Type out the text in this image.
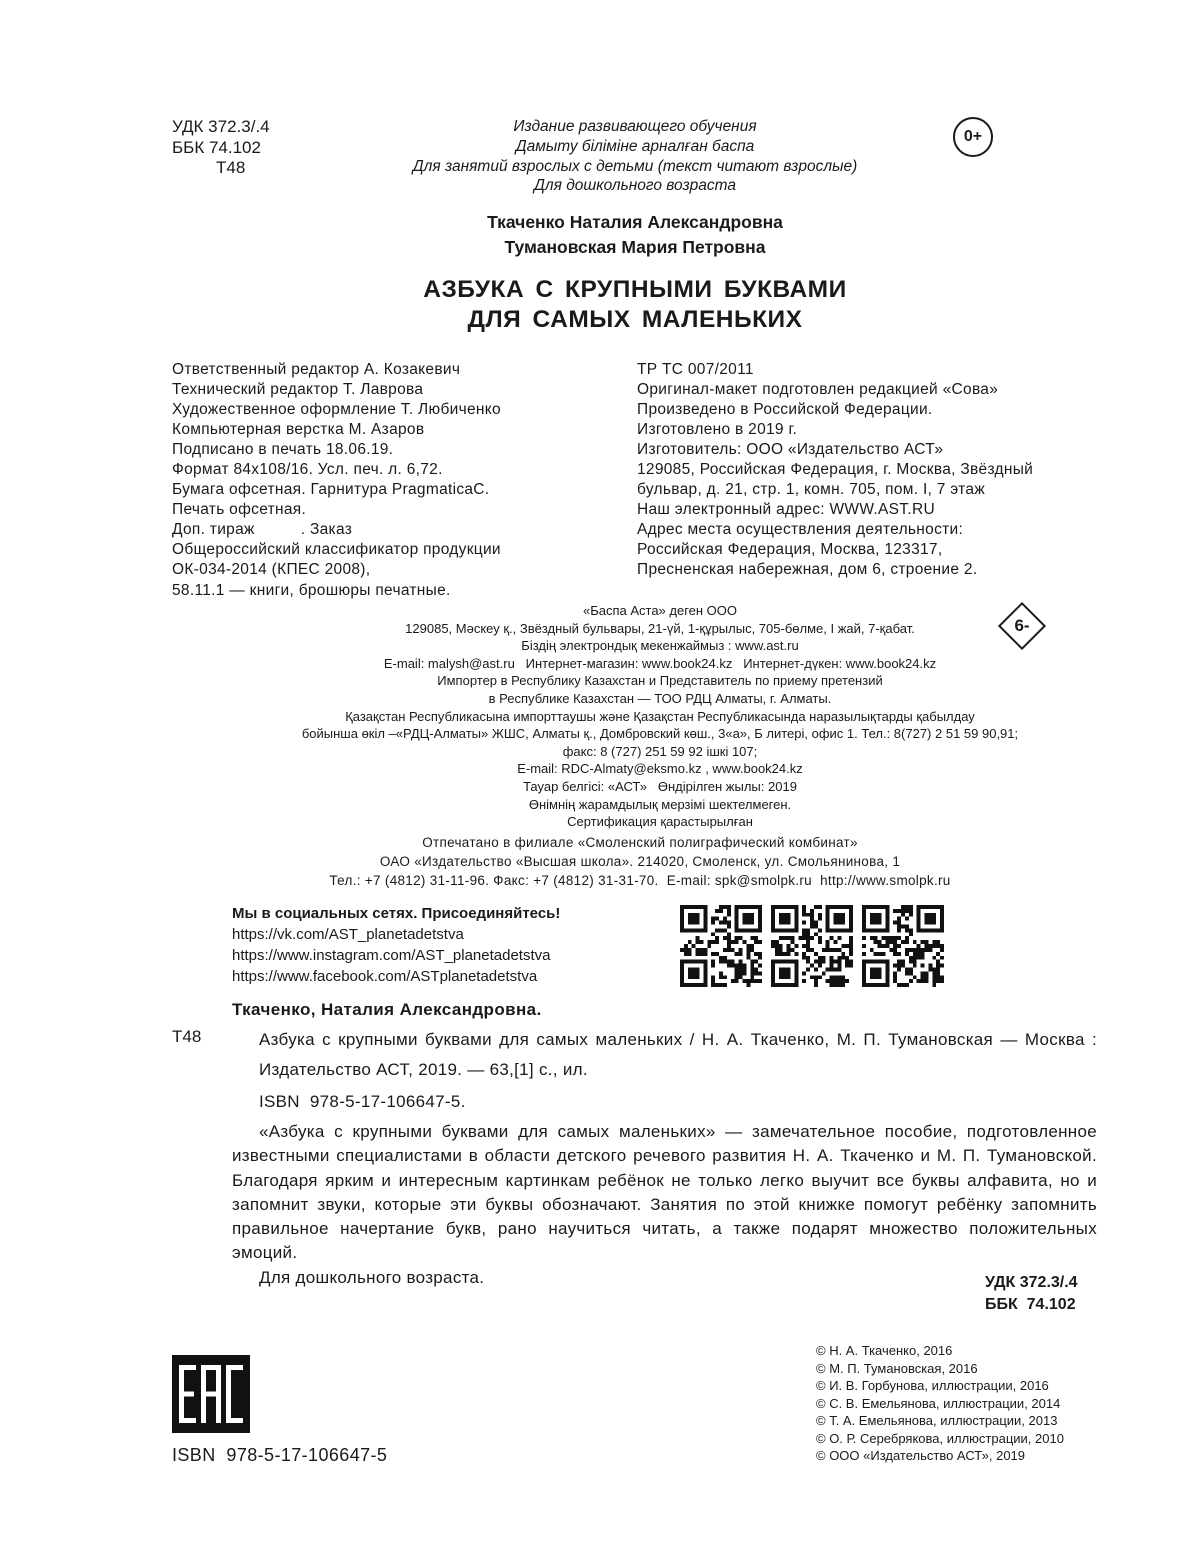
УДК 372.3/.4
ББК 74.102
Т48
Издание развивающего обучения
Дамыту біліміне арналған баспа
Для занятий взрослых с детьми (текст читают взрослые)
Для дошкольного возраста
0+
Ткаченко Наталия Александровна
Тумановская Мария Петровна
АЗБУКА С КРУПНЫМИ БУКВАМИ
ДЛЯ САМЫХ МАЛЕНЬКИХ
Ответственный редактор А. Козакевич
Технический редактор Т. Лаврова
Художественное оформление Т. Любиченко
Компьютерная верстка М. Азаров
Подписано в печать 18.06.19.
Формат 84x108/16. Усл. печ. л. 6,72.
Бумага офсетная. Гарнитура PragmaticaC.
Печать офсетная.
Доп. тираж          . Заказ
Общероссийский классификатор продукции
ОК-034-2014 (КПЕС 2008),
58.11.1 — книги, брошюры печатные.
ТР ТС 007/2011
Оригинал-макет подготовлен редакцией «Сова»
Произведено в Российской Федерации.
Изготовлено в 2019 г.
Изготовитель: ООО «Издательство АСТ»
129085, Российская Федерация, г. Москва, Звёздный
бульвар, д. 21, стр. 1, комн. 705, пом. I, 7 этаж
Наш электронный адрес: WWW.AST.RU
Адрес места осуществления деятельности:
Российская Федерация, Москва, 123317,
Пресненская набережная, дом 6, строение 2.
«Баспа Аста» деген ООО
129085, Мәскеу қ., Звёздный бульвары, 21-үй, 1-құрылыс, 705-бөлме, I жай, 7-қабат.
Біздің электрондық мекенжаймыз : www.ast.ru
E-mail: malysh@ast.ru   Интернет-магазин: www.book24.kz   Интернет-дүкен: www.book24.kz
Импортер в Республику Казахстан и Представитель по приему претензий
в Республике Казахстан — ТОО РДЦ Алматы, г. Алматы.
Қазақстан Республикасына импорттаушы және Қазақстан Республикасында наразылықтарды қабылдау
бойынша өкіл –«РДЦ-Алматы» ЖШС, Алматы қ., Домбровский көш., 3«а», Б литері, офис 1. Тел.: 8(727) 2 51 59 90,91;
факс: 8 (727) 251 59 92 ішкі 107;
E-mail: RDC-Almaty@eksmo.kz , www.book24.kz
Тауар белгісі: «АСТ»   Өндірілген жылы: 2019
Өнімнің жарамдылық мерзімі шектелмеген.
Сертификация қарастырылған
6-
Отпечатано в филиале «Смоленский полиграфический комбинат»
ОАО «Издательство «Высшая школа». 214020, Смоленск, ул. Смольянинова, 1
Тел.: +7 (4812) 31-11-96. Факс: +7 (4812) 31-31-70.  E-mail: spk@smolpk.ru  http://www.smolpk.ru
Мы в социальных сетях. Присоединяйтесь!
https://vk.com/AST_planetadetstva
https://www.instagram.com/AST_planetadetstva
https://www.facebook.com/ASTplanetadetstva
Ткаченко, Наталия Александровна.
Т48	Азбука с крупными буквами для самых маленьких / Н. А. Ткаченко, М. П. Тумановская — Москва : Издательство АСТ, 2019. — 63,[1] с., ил.
ISBN  978-5-17-106647-5.

«Азбука с крупными буквами для самых маленьких» — замечательное пособие, подготовленное известными специалистами в области детского речевого развития Н. А. Ткаченко и М. П. Тумановской. Благодаря ярким и интересным картинкам ребёнок не только легко выучит все буквы алфавита, но и запомнит звуки, которые эти буквы обозначают. Занятия по этой книжке помогут ребёнку запомнить правильное начертание букв, рано научиться читать, а также подарят множество положительных эмоций.

Для дошкольного возраста.	УДК 372.3/.4
ББК  74.102
ISBN  978-5-17-106647-5
© Н. А. Ткаченко, 2016
© М. П. Тумановская, 2016
© И. В. Горбунова, иллюстрации, 2016
© С. В. Емельянова, иллюстрации, 2014
© Т. А. Емельянова, иллюстрации, 2013
© О. Р. Серебрякова, иллюстрации, 2010
© ООО «Издательство АСТ», 2019
